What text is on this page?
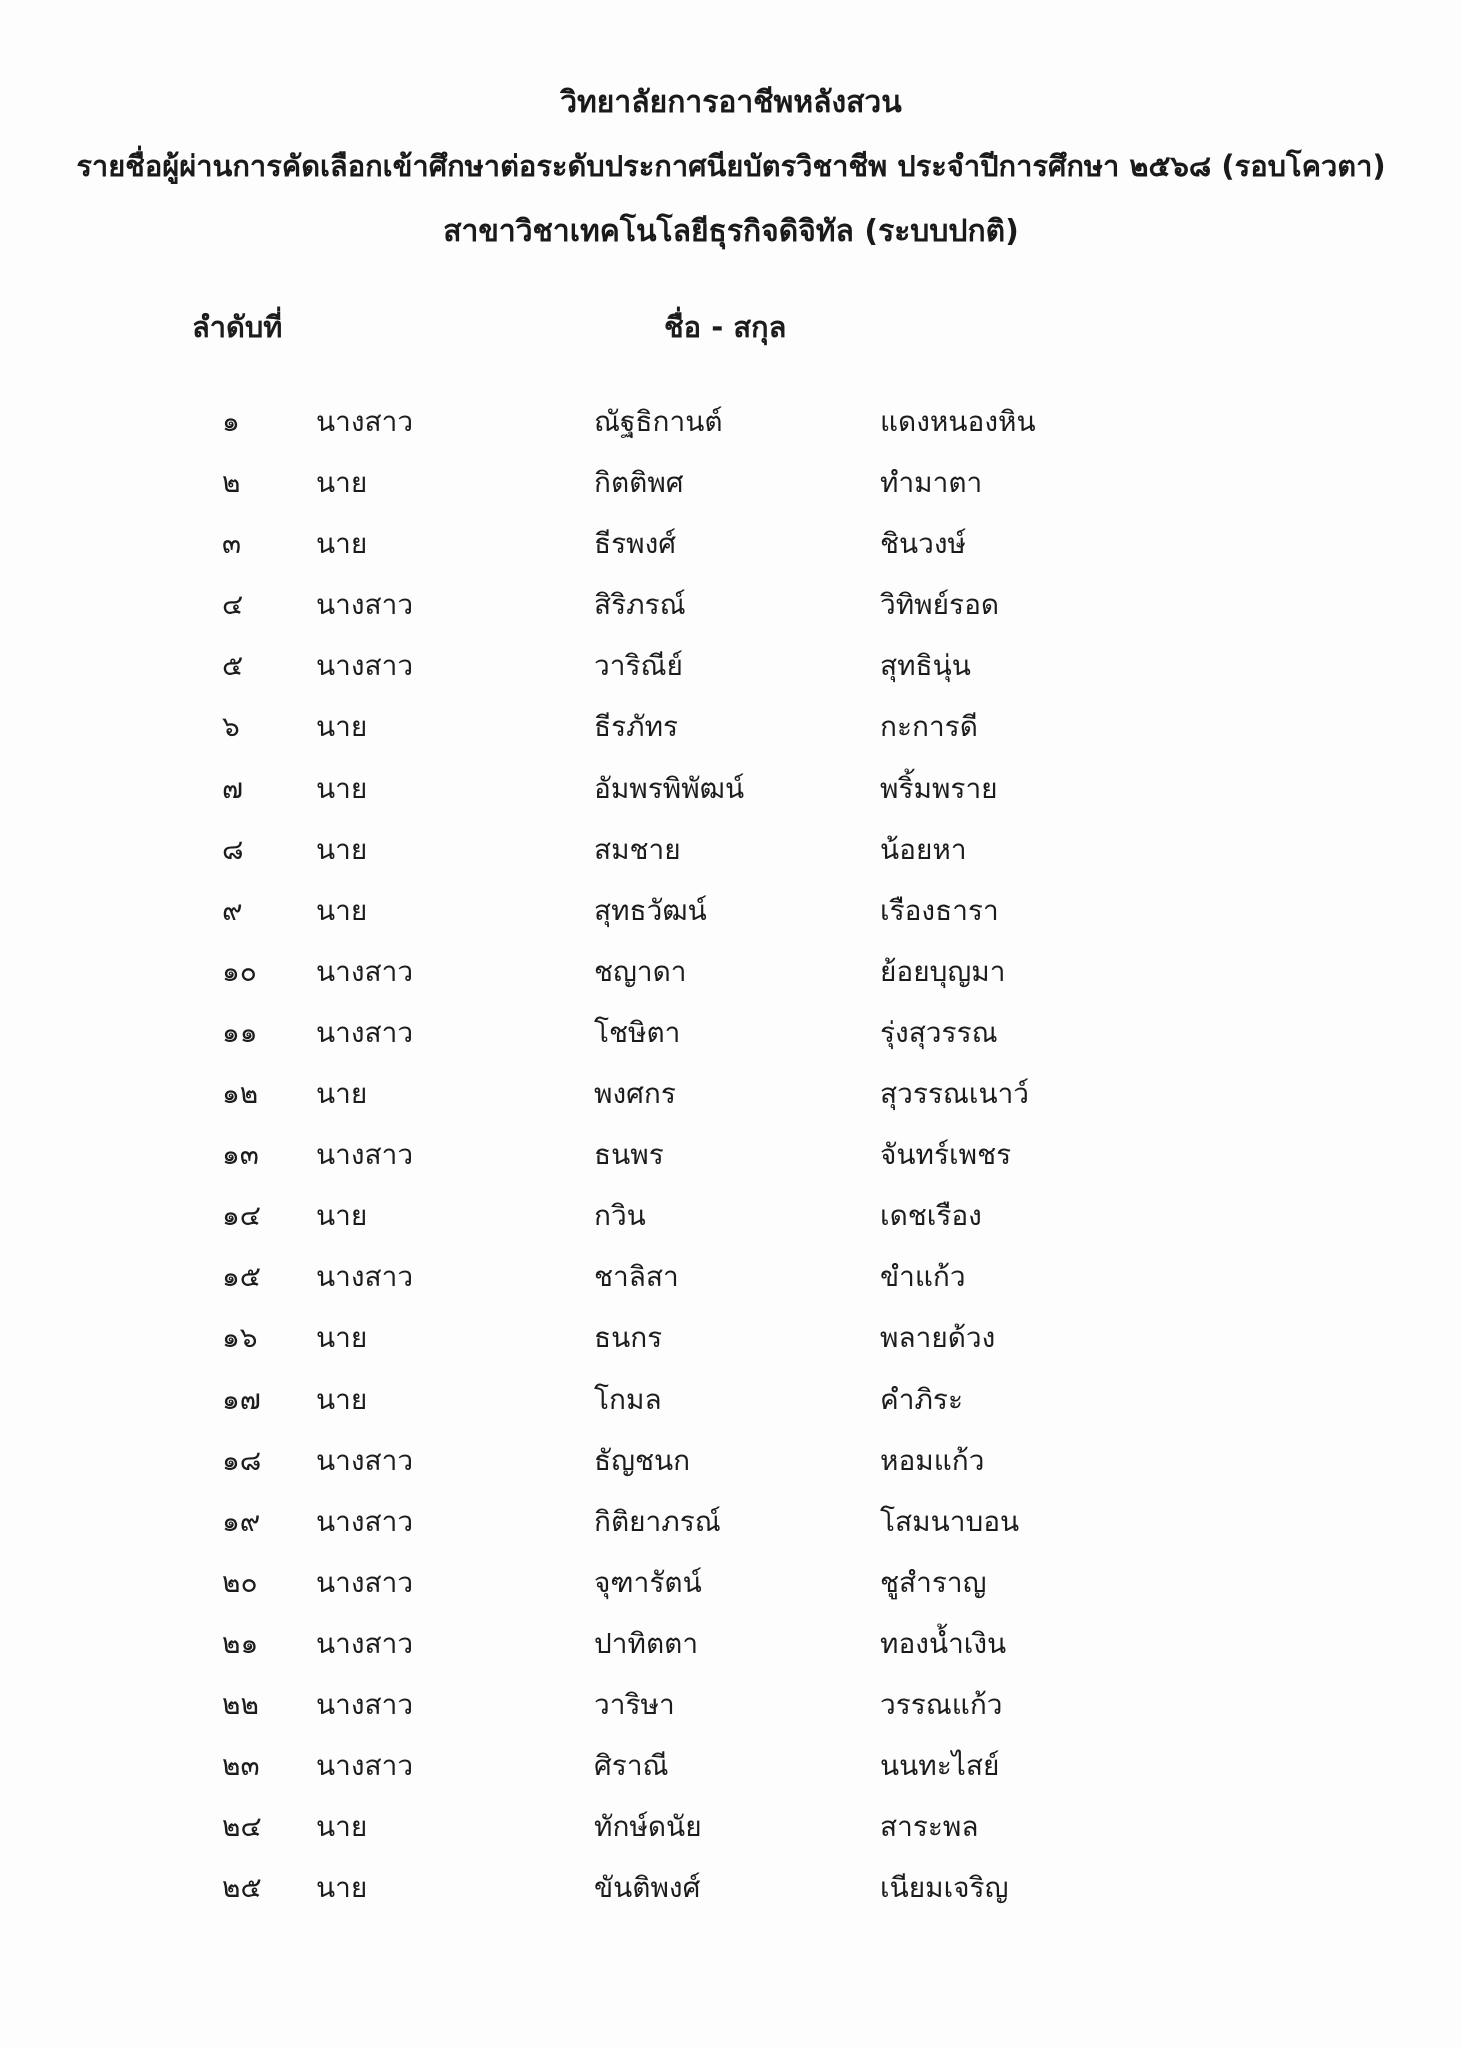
วิทยาลัยการอาชีพหลังสวน
รายชื่อผู้ผ่านการคัดเลือกเข้าศึกษาต่อระดับประกาศนียบัตรวิชาชีพ ประจำปีการศึกษา ๒๕๖๘ (รอบโควตา)
สาขาวิชาเทคโนโลยีธุรกิจดิจิทัล (ระบบปกติ)
ลำดับที่	ชื่อ - สกุล
๑	นางสาว	ณัฐธิกานต์	แดงหนองหิน
๒	นาย	กิตติพศ	ทำมาตา
๓	นาย	ธีรพงศ์	ชินวงษ์
๔	นางสาว	สิริภรณ์	วิทิพย์รอด
๕	นางสาว	วาริณีย์	สุทธินุ่น
๖	นาย	ธีรภัทร	กะการดี
๗	นาย	อัมพรพิพัฒน์	พริ้มพราย
๘	นาย	สมชาย	น้อยหา
๙	นาย	สุทธวัฒน์	เรืองธารา
๑๐ นางสาว	ชญาดา	ย้อยบุญมา
๑๑ นางสาว	โชษิตา	รุ่งสุวรรณ
๑๒ นาย	พงศกร	สุวรรณเนาว์
๑๓ นางสาว	ธนพร	จันทร์เพชร
๑๔ นาย	กวิน	เดชเรือง
๑๕ นางสาว	ชาลิสา	ขำแก้ว
๑๖ นาย	ธนกร	พลายด้วง
๑๗ นาย	โกมล	คำภิระ
๑๘ นางสาว	ธัญชนก	หอมแก้ว
๑๙ นางสาว	กิติยาภรณ์	โสมนาบอน
๒๐ นางสาว	จุฑารัตน์	ชูสำราญ
๒๑ นางสาว	ปาทิตตา	ทองน้ำเงิน
๒๒ นางสาว	วาริษา	วรรณแก้ว
๒๓ นางสาว	ศิราณี	นนทะไสย์
๒๔ นาย	ทักษ์ดนัย	สาระพล
๒๕ นาย	ขันติพงศ์	เนียมเจริญ
